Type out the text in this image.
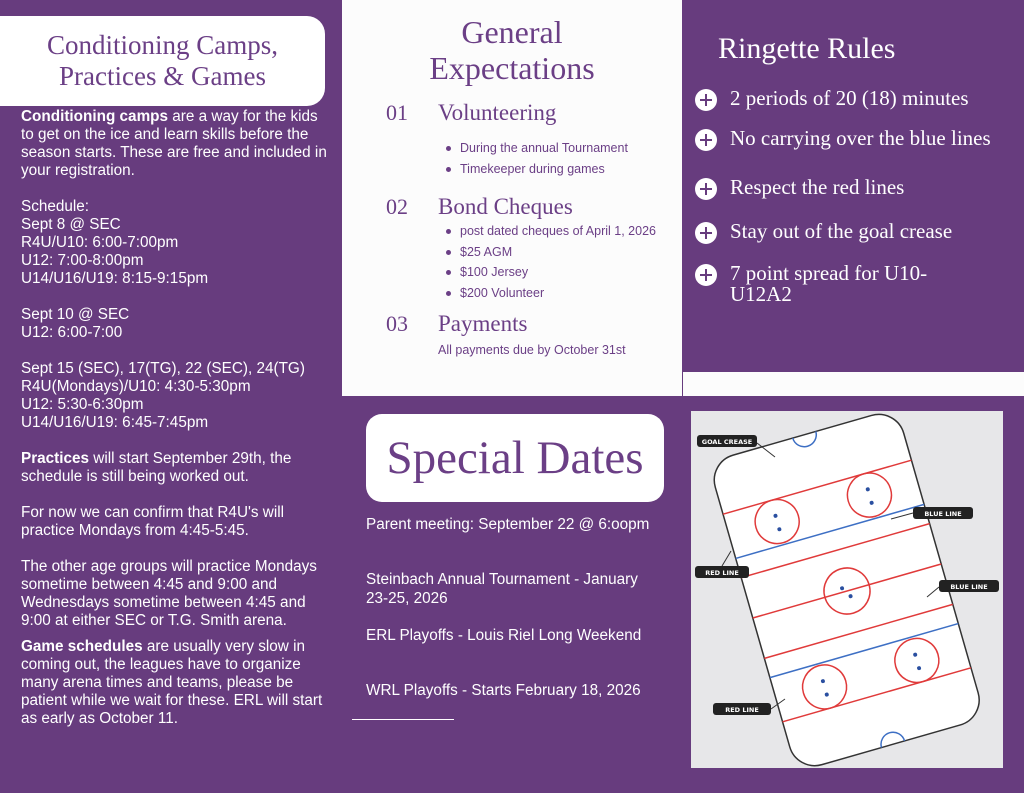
Conditioning Camps,
Practices & Games

Conditioning camps are a way for the kids to get on the ice and learn skills before the season starts. These are free and included in your registration.

Schedule:

Sept 8 @ SEC
R4U/U10: 6:00-7:00pm
U12: 7:00-8:00pm
U14/U16/U19: 8:15-9:15pm

Sept 10 @ SEC
U12: 6:00-7:00

Sept 15 (SEC), 17(TG), 22 (SEC), 24(TG)
R4U(Mondays)/U10: 4:30-5:30pm
U12: 5:30-6:30pm
U14/U16/U19: 6:45-7:45pm

Practices will start September 29th, the schedule is still being worked out.

For now we can confirm that R4U's will practice Mondays from 4:45-5:45.

The other age groups will practice Mondays sometime between 4:45 and 9:00 and Wednesdays sometime between 4:45 and 9:00 at either SEC or T.G. Smith arena.

Game schedules are usually very slow in coming out, the leagues have to organize many arena times and teams, please be patient while we wait for these. ERL will start as early as October 11.

General
Expectations
01 Volunteering
During the annual Tournament
Timekeeper during games
02 Bond Cheques
post dated cheques of April 1, 2026
$25 AGM
$100 Jersey
$200 Volunteer
03 Payments
All payments due by October 31st
Ringette Rules
2 periods of 20 (18) minutes
No carrying over the blue lines
Respect the red lines
Stay out of the goal crease
7 point spread for U10-U12A2
Special Dates
Parent meeting: September 22 @ 6:oopm
Steinbach Annual Tournament - January 23-25, 2026
ERL Playoffs - Louis Riel Long Weekend
WRL Playoffs - Starts February 18, 2026
GOAL CREASE
BLUE LINE
RED LINE
BLUE LINE
RED LINE
